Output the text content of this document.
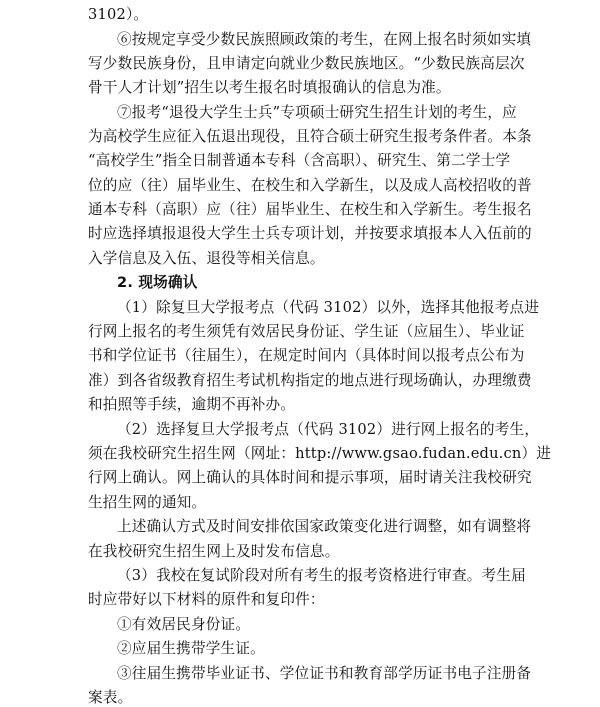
3102）。
⑥按规定享受少数民族照顾政策的考生，在网上报名时须如实填
写少数民族身份，且申请定向就业少数民族地区。“少数民族高层次
骨干人才计划”招生以考生报名时填报确认的信息为准。
⑦报考“退役大学生士兵”专项硕士研究生招生计划的考生，应
为高校学生应征入伍退出现役，且符合硕士研究生报考条件者。本条
“高校学生”指全日制普通本专科（含高职）、研究生、第二学士学
位的应（往）届毕业生、在校生和入学新生，以及成人高校招收的普
通本专科（高职）应（往）届毕业生、在校生和入学新生。考生报名
时应选择填报退役大学生士兵专项计划，并按要求填报本人入伍前的
入学信息及入伍、退役等相关信息。
2. 现场确认
（1）除复旦大学报考点（代码 3102）以外，选择其他报考点进
行网上报名的考生须凭有效居民身份证、学生证（应届生）、毕业证
书和学位证书（往届生），在规定时间内（具体时间以报考点公布为
准）到各省级教育招生考试机构指定的地点进行现场确认，办理缴费
和拍照等手续，逾期不再补办。
（2）选择复旦大学报考点（代码 3102）进行网上报名的考生，
须在我校研究生招生网（网址：http://www.gsao.fudan.edu.cn）进
行网上确认。网上确认的具体时间和提示事项，届时请关注我校研究
生招生网的通知。
上述确认方式及时间安排依国家政策变化进行调整，如有调整将
在我校研究生招生网上及时发布信息。
（3）我校在复试阶段对所有考生的报考资格进行审查。考生届
时应带好以下材料的原件和复印件：
①有效居民身份证。
②应届生携带学生证。
③往届生携带毕业证书、学位证书和教育部学历证书电子注册备
案表。
